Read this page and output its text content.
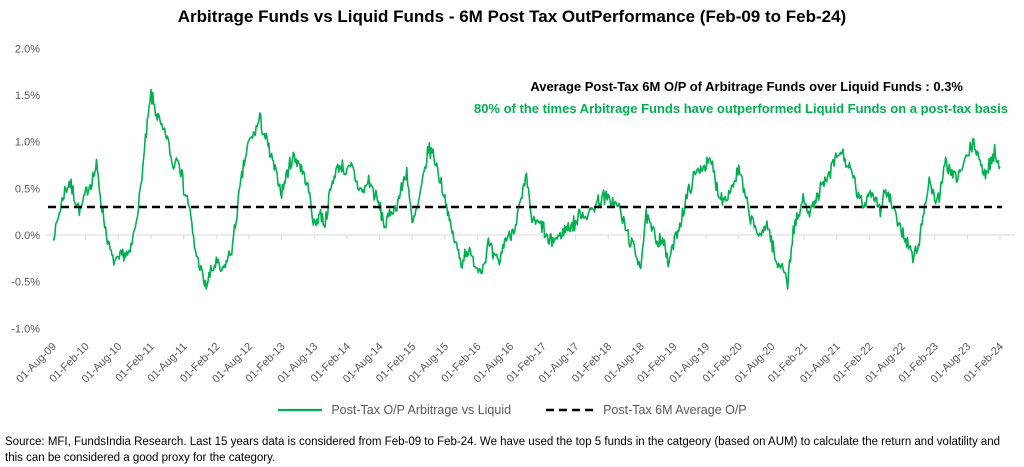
Arbitrage Funds vs Liquid Funds - 6M Post Tax OutPerformance (Feb-09 to Feb-24)
Average Post-Tax 6M O/P of Arbitrage Funds over Liquid Funds : 0.3%
80% of the times Arbitrage Funds have outperformed Liquid Funds on a post-tax basis
01-Aug-09
01-Feb-10
01-Aug-10
01-Feb-11
01-Aug-11
01-Feb-12
01-Aug-12
01-Feb-13
01-Aug-13
01-Feb-14
01-Aug-14
01-Feb-15
01-Aug-15
01-Feb-16
01-Aug-16
01-Feb-17
01-Aug-17
01-Feb-18
01-Aug-18
01-Feb-19
01-Aug-19
01-Feb-20
01-Aug-20
01-Feb-21
01-Aug-21
01-Feb-22
01-Aug-22
01-Feb-23
01-Aug-23
01-Feb-24
2.0%
1.5%
1.0%
0.5%
0.0%
-0.5%
-1.0%
Post-Tax O/P Arbitrage vs Liquid	Post-Tax 6M Average O/P
Source: MFI, FundsIndia Research. Last 15 years data is considered from Feb-09 to Feb-24. We have used the top 5 funds in the catgeory (based on AUM) to calculate the return and volatility and this can be considered a good proxy for the category.
